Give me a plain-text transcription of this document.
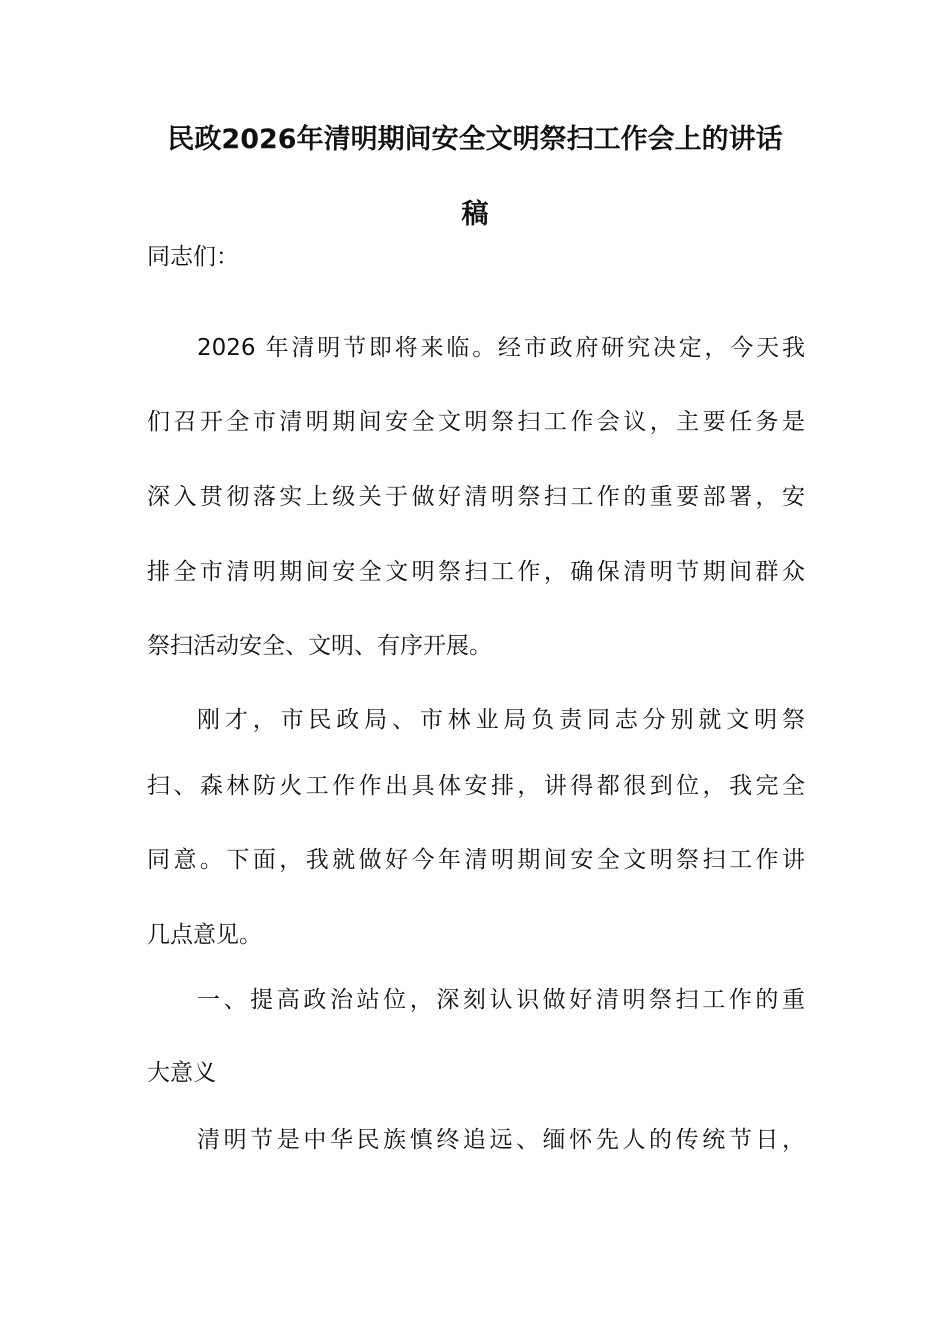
民政2026年清明期间安全文明祭扫工作会上的讲话
稿
同志们：
2026 年清明节即将来临。经市政府研究决定，今天我
们召开全市清明期间安全文明祭扫工作会议，主要任务是
深入贯彻落实上级关于做好清明祭扫工作的重要部署，安
排全市清明期间安全文明祭扫工作，确保清明节期间群众
祭扫活动安全、文明、有序开展。
刚才，市民政局、市林业局负责同志分别就文明祭
扫、森林防火工作作出具体安排，讲得都很到位，我完全
同意。下面，我就做好今年清明期间安全文明祭扫工作讲
几点意见。
一、提高政治站位，深刻认识做好清明祭扫工作的重
大意义
清明节是中华民族慎终追远、缅怀先人的传统节日，
